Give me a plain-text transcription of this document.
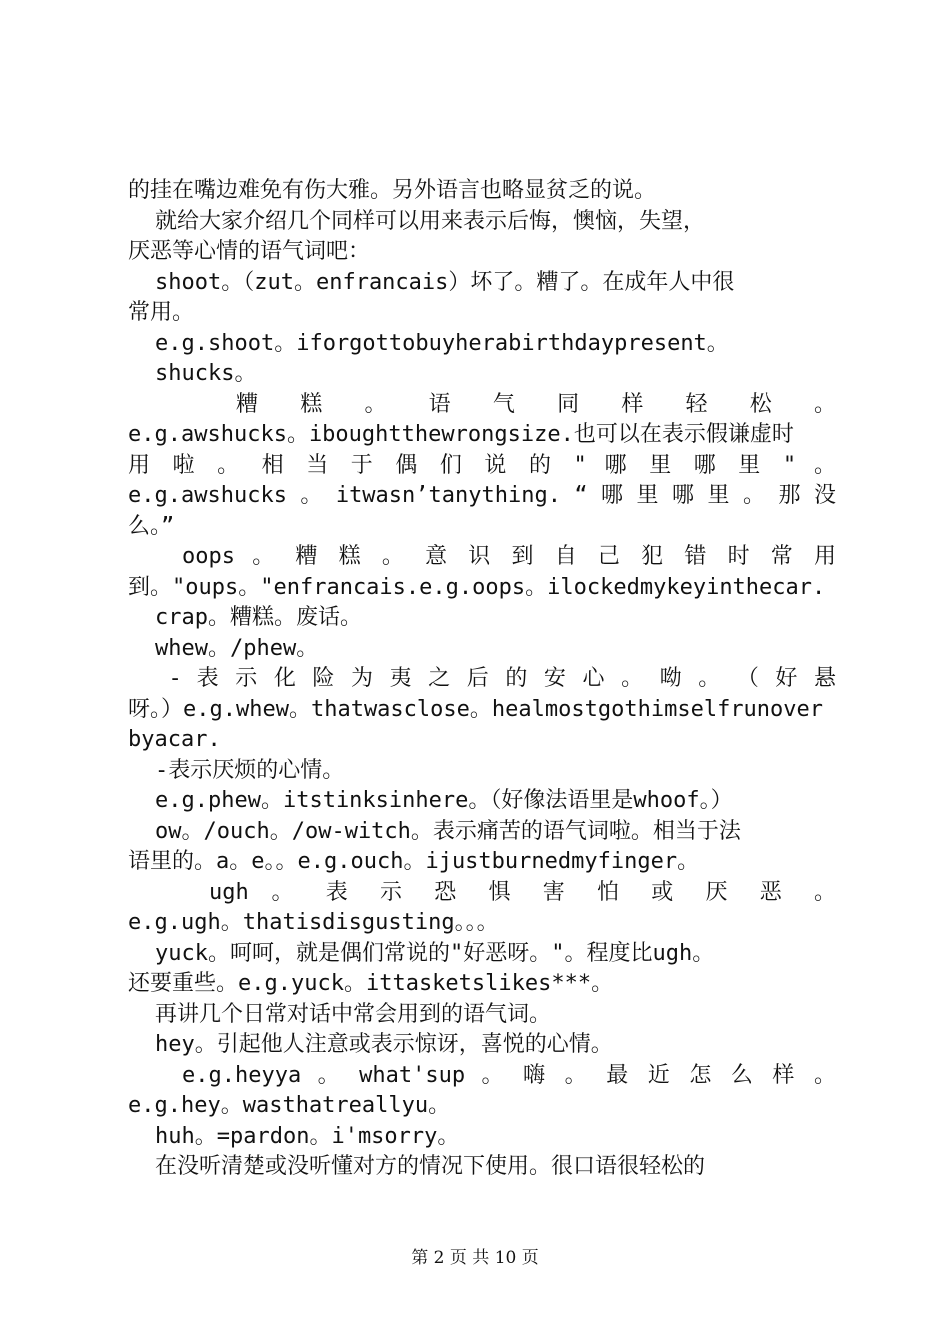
的挂在嘴边难免有伤大雅。另外语言也略显贫乏的说。
就给大家介绍几个同样可以用来表示后悔，懊恼，失望，
厌恶等心情的语气词吧：
shoot。（zut。enfrancais）坏了。糟了。在成年人中很
常用。
e.g.shoot。iforgottobuyherabirthdaypresent。
shucks。
糟 糕 。 语 气 同 样 轻 松 。
e.g.awshucks。iboughtthewrongsize.也可以在表示假谦虚时
用 啦 。 相 当 于 偶 们 说 的 " 哪 里 哪 里 " 。
e.g.awshucks 。 itwasn’tanything. “ 哪 里 哪 里 。 那 没
么。”
oops 。 糟 糕 。 意 识 到 自 己 犯 错 时 常 用
到。"oups。"enfrancais.e.g.oops。ilockedmykeyinthecar.
crap。糟糕。废话。
whew。/phew。
- 表 示 化 险 为 夷 之 后 的 安 心 。 呦 。 （ 好 悬
呀。）e.g.whew。thatwasclose。healmostgothimselfrunover
byacar.
-表示厌烦的心情。
e.g.phew。itstinksinhere。（好像法语里是whoof。）
ow。/ouch。/ow-witch。表示痛苦的语气词啦。相当于法
语里的。a。e。。e.g.ouch。ijustburnedmyfinger。
ugh 。 表 示 恐 惧 害 怕 或 厌 恶 。
e.g.ugh。thatisdisgusting。。。
yuck。呵呵，就是偶们常说的"好恶呀。"。程度比ugh。
还要重些。e.g.yuck。ittasketslikes***。
再讲几个日常对话中常会用到的语气词。
hey。引起他人注意或表示惊讶，喜悦的心情。
e.g.heyya 。 what'sup 。 嗨 。 最 近 怎 么 样 。
e.g.hey。wasthatreallyu。
huh。=pardon。i'msorry。
在没听清楚或没听懂对方的情况下使用。很口语很轻松的
第 2 页 共 10 页
